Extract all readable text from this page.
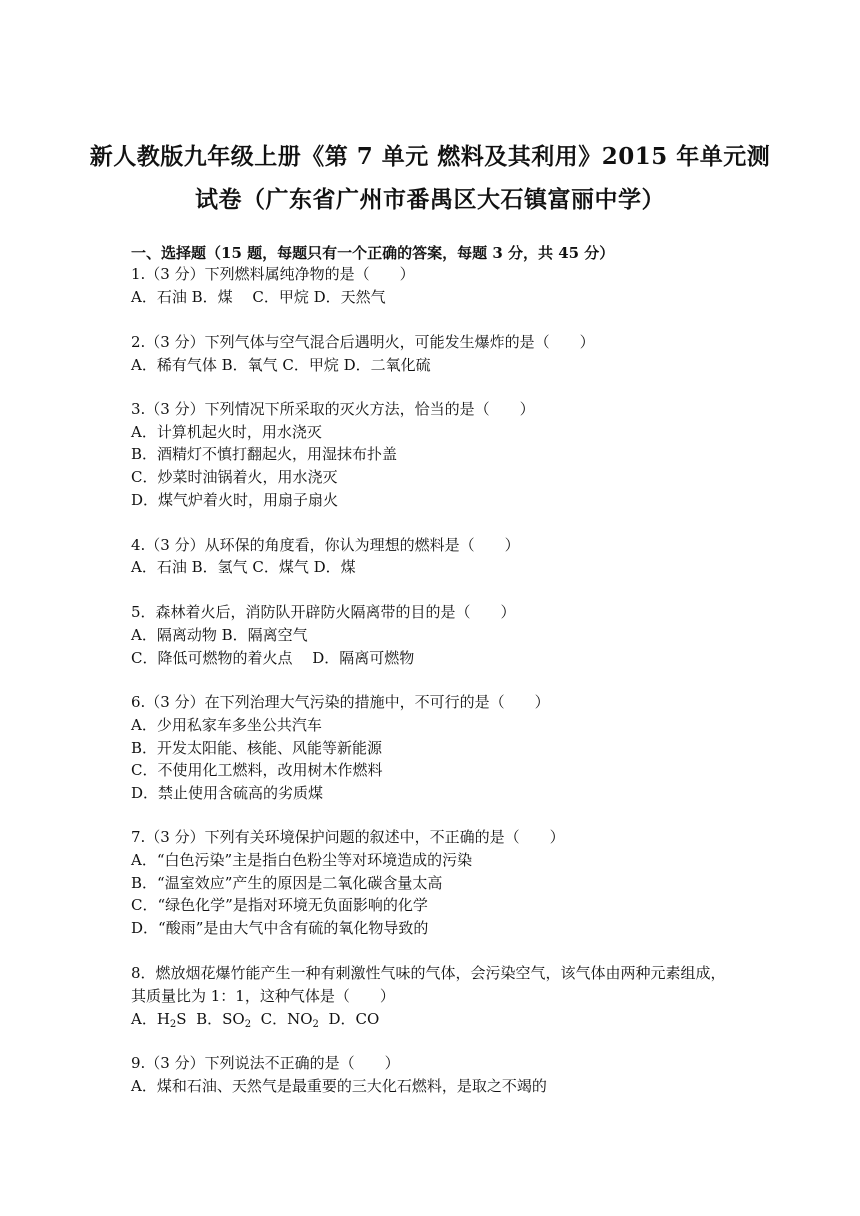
新人教版九年级上册《第 7 单元 燃料及其利用》2015 年单元测
试卷（广东省广州市番禺区大石镇富丽中学）
一、选择题（15 题，每题只有一个正确的答案，每题 3 分，共 45 分）
1.（3 分）下列燃料属纯净物的是（　　）
A．石油 B．煤　 C．甲烷 D．天然气
2.（3 分）下列气体与空气混合后遇明火，可能发生爆炸的是（　　）
A．稀有气体 B．氧气 C．甲烷 D．二氧化硫
3.（3 分）下列情况下所采取的灭火方法，恰当的是（　　）
A．计算机起火时，用水浇灭
B．酒精灯不慎打翻起火，用湿抹布扑盖
C．炒菜时油锅着火，用水浇灭
D．煤气炉着火时，用扇子扇火
4.（3 分）从环保的角度看，你认为理想的燃料是（　　）
A．石油 B．氢气 C．煤气 D．煤
5．森林着火后，消防队开辟防火隔离带的目的是（　　）
A．隔离动物 B．隔离空气
C．降低可燃物的着火点　 D．隔离可燃物
6.（3 分）在下列治理大气污染的措施中，不可行的是（　　）
A．少用私家车多坐公共汽车
B．开发太阳能、核能、风能等新能源
C．不使用化工燃料，改用树木作燃料
D．禁止使用含硫高的劣质煤
7.（3 分）下列有关环境保护问题的叙述中，不正确的是（　　）
A．“白色污染”主是指白色粉尘等对环境造成的污染
B．“温室效应”产生的原因是二氧化碳含量太高
C．“绿色化学”是指对环境无负面影响的化学
D．“酸雨”是由大气中含有硫的氧化物导致的
8．燃放烟花爆竹能产生一种有刺激性气味的气体，会污染空气，该气体由两种元素组成，
其质量比为 1：1，这种气体是（　　）
A．$H_2S$  B．$SO_2$  C．$NO_2$  D．CO
9.（3 分）下列说法不正确的是（　　）
A．煤和石油、天然气是最重要的三大化石燃料，是取之不竭的
